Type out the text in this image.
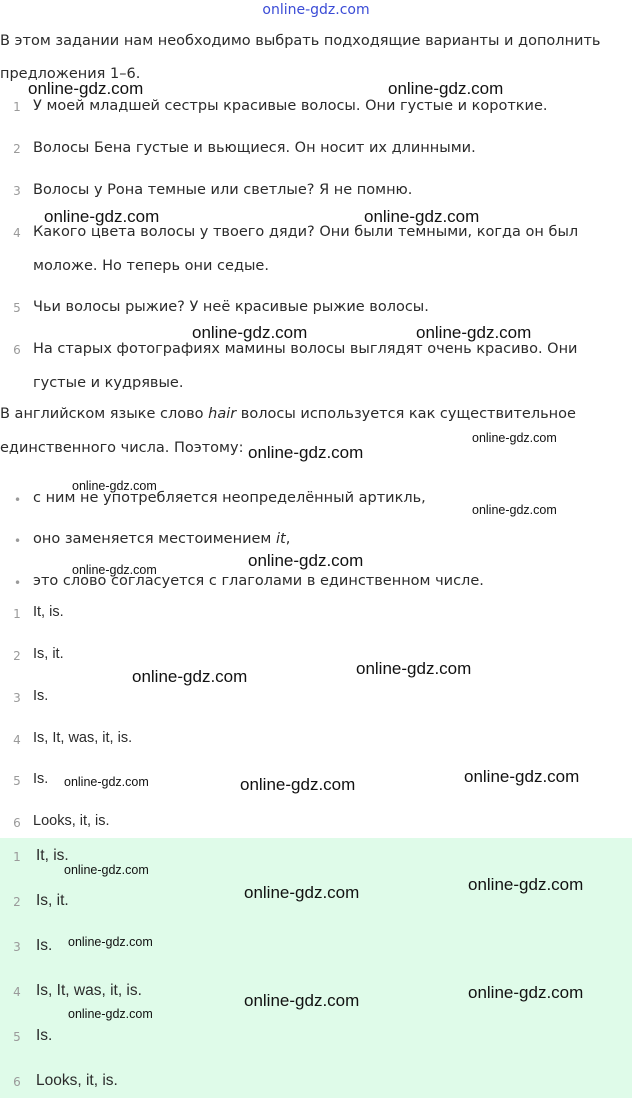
online-gdz.com
В этом задании нам необходимо выбрать подходящие варианты и дополнить
предложения 1–6.
1 У моей младшей сестры красивые волосы. Они густые и короткие.
2 Волосы Бена густые и вьющиеся. Он носит их длинными.
3 Волосы у Рона темные или светлые? Я не помню.
4 Какого цвета волосы у твоего дяди? Они были темными, когда он был
моложе. Но теперь они седые.
5 Чьи волосы рыжие? У неё красивые рыжие волосы.
6 На старых фотографиях мамины волосы выглядят очень красиво. Они
густые и кудрявые.
В английском языке слово hair волосы используется как существительное
единственного числа. Поэтому:
• с ним не употребляется неопределённый артикль,
• оно заменяется местоимением it,
• это слово согласуется с глаголами в единственном числе.
1 It, is.
2 Is, it.
3 Is.
4 Is, It, was, it, is.
5 Is.
6 Looks, it, is.
1 It, is.
2 Is, it.
3 Is.
4 Is, It, was, it, is.
5 Is.
6 Looks, it, is.
online-gdz.com	online-gdz.com
online-gdz.com	online-gdz.com
online-gdz.com	online-gdz.com
online-gdz.com
online-gdz.com
online-gdz.com
online-gdz.com
online-gdz.com
online-gdz.com
online-gdz.com
online-gdz.com
online-gdz.com
online-gdz.com
online-gdz.com
online-gdz.com
online-gdz.com
online-gdz.com
online-gdz.com
online-gdz.com
online-gdz.com
online-gdz.com
